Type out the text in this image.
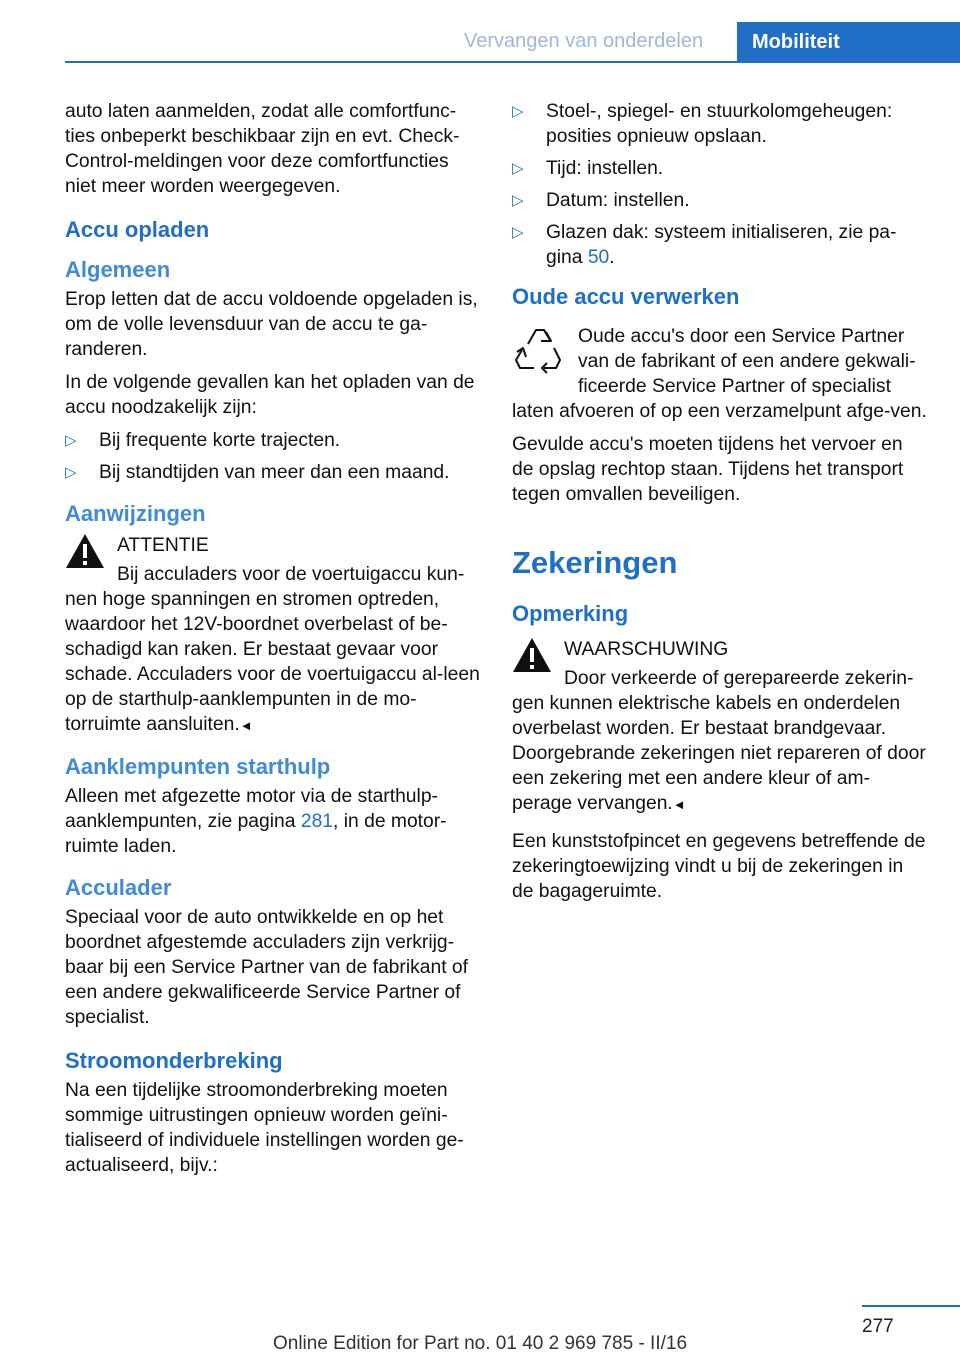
Vervangen van onderdelen	Mobiliteit

auto laten aanmelden, zodat alle comfortfunc-ties onbeperkt beschikbaar zijn en evt. Check-Control-meldingen voor deze comfortfuncties niet meer worden weergegeven.

Accu opladen
Algemeen

Erop letten dat de accu voldoende opgeladen is, om de volle levensduur van de accu te ga-randeren.

In de volgende gevallen kan het opladen van de accu noodzakelijk zijn:

▷ Bij frequente korte trajecten.
▷ Bij standtijden van meer dan een maand.
Aanwijzingen
ATTENTIE

Bij acculaders voor de voertuigaccu kun-nen hoge spanningen en stromen optreden, waardoor het 12V-boordnet overbelast of be-schadigd kan raken. Er bestaat gevaar voor schade. Acculaders voor de voertuigaccu al-leen op de starthulp-aanklempunten in de mo-torruimte aansluiten.◄

Aanklempunten starthulp

Alleen met afgezette motor via de starthulp-aanklempunten, zie pagina 281, in de motor-ruimte laden.

Acculader

Speciaal voor de auto ontwikkelde en op het boordnet afgestemde acculaders zijn verkrijg-baar bij een Service Partner van de fabrikant of een andere gekwalificeerde Service Partner of specialist.

Stroomonderbreking

Na een tijdelijke stroomonderbreking moeten sommige uitrustingen opnieuw worden geïni-tialiseerd of individuele instellingen worden ge-actualiseerd, bijv.:

▷ Stoel-, spiegel- en stuurkolomgeheugen: posities opnieuw opslaan.
▷ Tijd: instellen.
▷ Datum: instellen.
▷ Glazen dak: systeem initialiseren, zie pa-gina 50.
Oude accu verwerken

Oude accu's door een Service Partner van de fabrikant of een andere gekwali-ficeerde Service Partner of specialist laten afvoeren of op een verzamelpunt afge-ven.

Gevulde accu's moeten tijdens het vervoer en de opslag rechtop staan. Tijdens het transport tegen omvallen beveiligen.

Zekeringen
Opmerking
WAARSCHUWING

Door verkeerde of gerepareerde zekerin-gen kunnen elektrische kabels en onderdelen overbelast worden. Er bestaat brandgevaar. Doorgebrande zekeringen niet repareren of door een zekering met een andere kleur of am-perage vervangen.◄

Een kunststofpincet en gegevens betreffende de zekeringtoewijzing vindt u bij de zekeringen in de bagageruimte.

277
Online Edition for Part no. 01 40 2 969 785 - II/16
